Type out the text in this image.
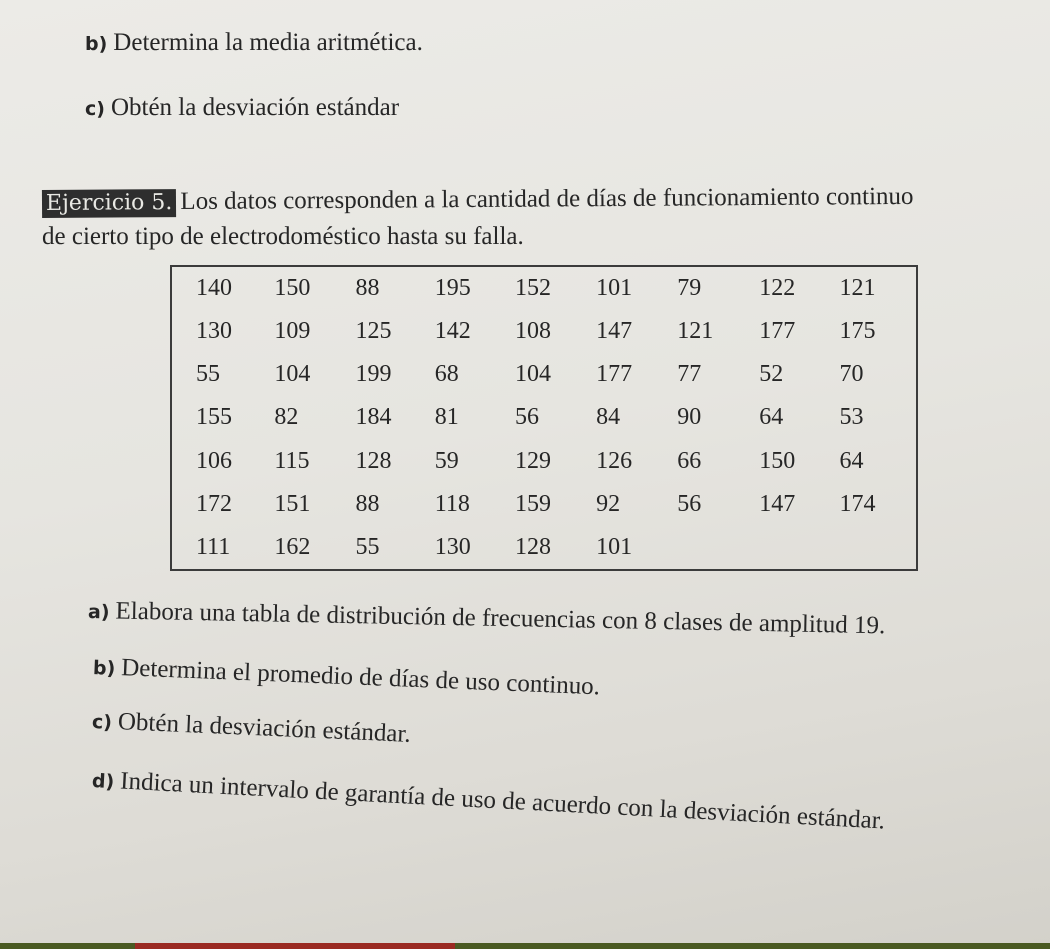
b) Determina la media aritmética.
c) Obtén la desviación estándar
Ejercicio 5. Los datos corresponden a la cantidad de días de funcionamiento continuo
de cierto tipo de electrodoméstico hasta su falla.
140	150	88	195	152	101	79	122	121
130	109	125	142	108	147	121	177	175
55	104	199	68	104	177	77	52	70
155	82	184	81	56	84	90	64	53
106	115	128	59	129	126	66	150	64
172	151	88	118	159	92	56	147	174
111	162	55	130	128	101			
a) Elabora una tabla de distribución de frecuencias con 8 clases de amplitud 19.
b) Determina el promedio de días de uso continuo.
c) Obtén la desviación estándar.
d) Indica un intervalo de garantía de uso de acuerdo con la desviación estándar.
